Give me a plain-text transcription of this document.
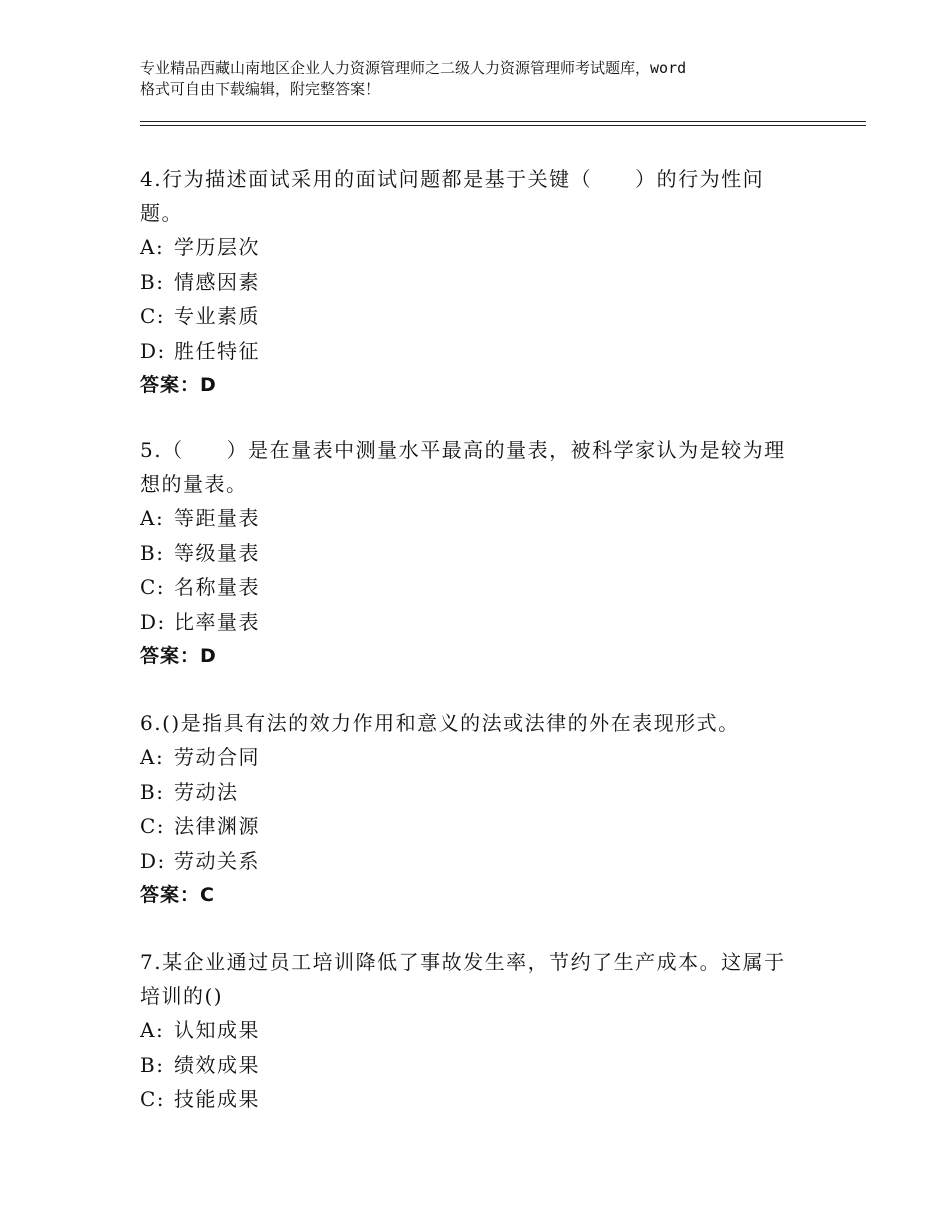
专业精品西藏山南地区企业人力资源管理师之二级人力资源管理师考试题库，word
格式可自由下载编辑，附完整答案！

4.行为描述面试采用的面试问题都是基于关键（　　）的行为性问

题。

A: 学历层次

B: 情感因素

C: 专业素质

D: 胜任特征

答案：D

5.（　　）是在量表中测量水平最高的量表，被科学家认为是较为理

想的量表。

A: 等距量表

B: 等级量表

C: 名称量表

D: 比率量表

答案：D

6.()是指具有法的效力作用和意义的法或法律的外在表现形式。

A: 劳动合同

B: 劳动法

C: 法律渊源

D: 劳动关系

答案：C

7.某企业通过员工培训降低了事故发生率，节约了生产成本。这属于

培训的()

A: 认知成果

B: 绩效成果

C: 技能成果
